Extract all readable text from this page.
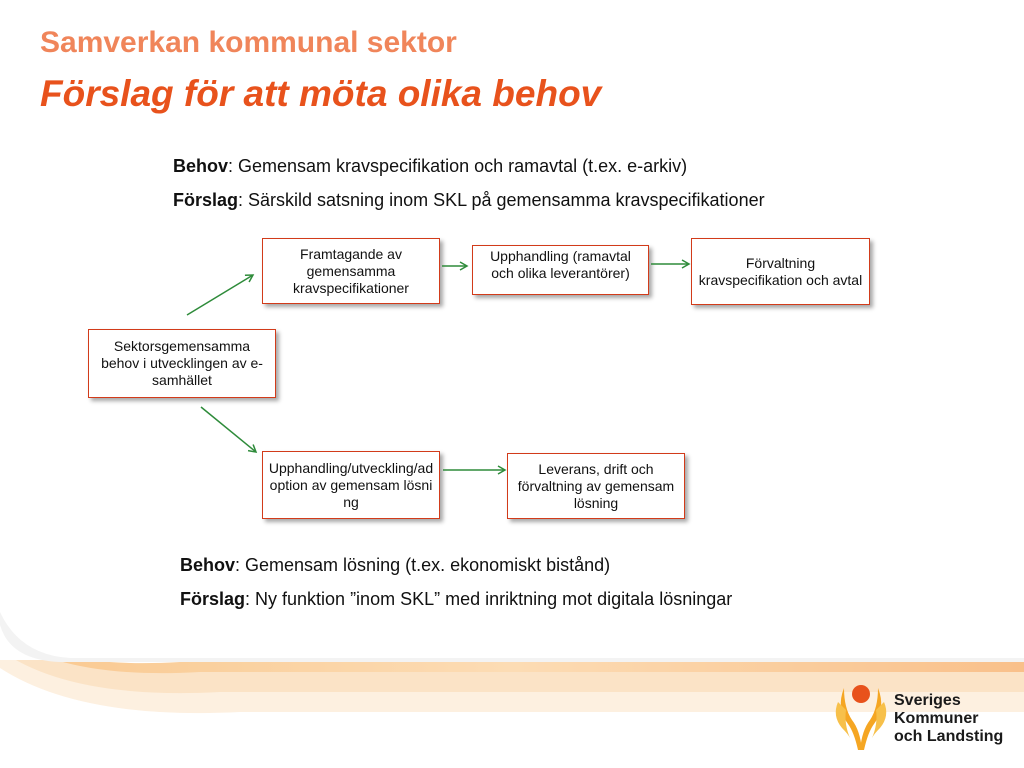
Samverkan kommunal sektor
Förslag för att möta olika behov
Behov: Gemensam kravspecifikation och ramavtal (t.ex. e-arkiv)
Förslag: Särskild satsning inom SKL på gemensamma kravspecifikationer
Framtagande av gemensamma kravspecifikationer
Upphandling (ramavtal och olika leverantörer)
Förvaltning kravspecifikation och avtal
Sektorsgemensamma behov i utvecklingen av e-samhället
Upphandling/utveckling/adoption av gemensam lösning
Leverans, drift och förvaltning av gemensam lösning
Behov: Gemensam lösning (t.ex. ekonomiskt bistånd)
Förslag: Ny funktion ”inom SKL” med inriktning mot digitala lösningar
Sveriges
Kommuner
och Landsting
